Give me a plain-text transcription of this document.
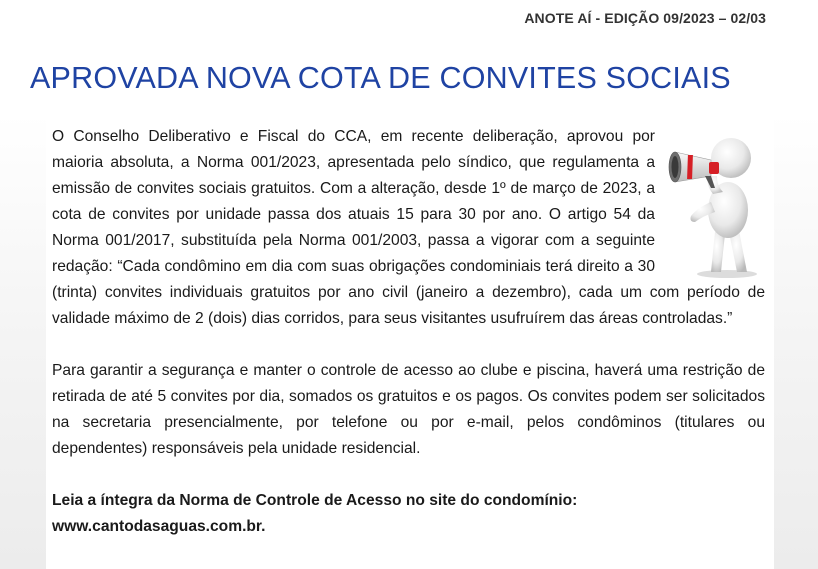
ANOTE AÍ - EDIÇÃO 09/2023 – 02/03
APROVADA NOVA COTA DE CONVITES SOCIAIS

O Conselho Deliberativo e Fiscal do CCA, em recente deliberação, aprovou por maioria absoluta, a Norma 001/2023, apresentada pelo síndico, que regulamenta a emissão de convites sociais gratuitos. Com a alteração, desde 1º de março de 2023, a cota de convites por unidade passa dos atuais 15 para 30 por ano. O artigo 54 da Norma 001/2017, substituída pela Norma 001/2003, passa a vigorar com a seguinte redação: “Cada condômino em dia com suas obrigações condominiais terá direito a 30 (trinta) convites individuais gratuitos por ano civil (janeiro a dezembro), cada um com período de validade máximo de 2 (dois) dias corridos, para seus visitantes usufruírem das áreas controladas.”

Para garantir a segurança e manter o controle de acesso ao clube e piscina, haverá uma restrição de retirada de até 5 convites por dia, somados os gratuitos e os pagos. Os convites podem ser solicitados na secretaria presencialmente, por telefone ou por e-mail, pelos condôminos (titulares ou dependentes) responsáveis pela unidade residencial.

Leia a íntegra da Norma de Controle de Acesso no site do condomínio:
www.cantodasaguas.com.br.
